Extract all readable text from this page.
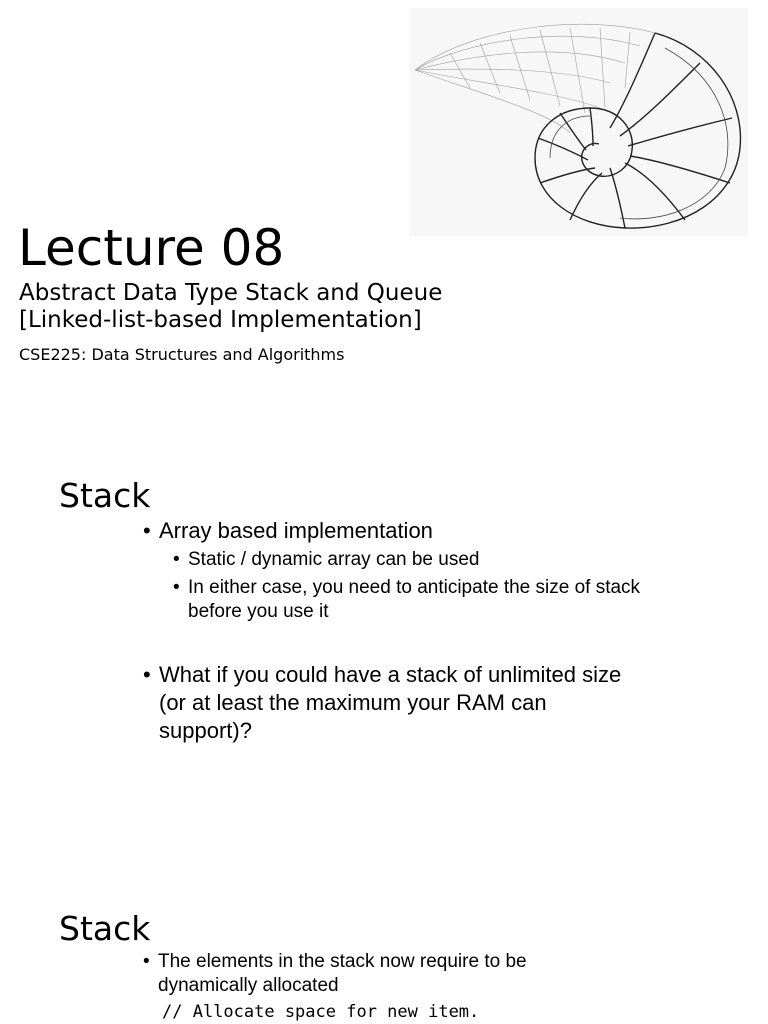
Lecture 08
Abstract Data Type Stack and Queue
[Linked-list-based Implementation]
CSE225: Data Structures and Algorithms
Stack
• Array based implementation
• Static / dynamic array can be used
• In either case, you need to anticipate the size of stack before you use it
• What if you could have a stack of unlimited size (or at least the maximum your RAM can support)?
Stack
• The elements in the stack now require to be dynamically allocated
// Allocate space for new item.
